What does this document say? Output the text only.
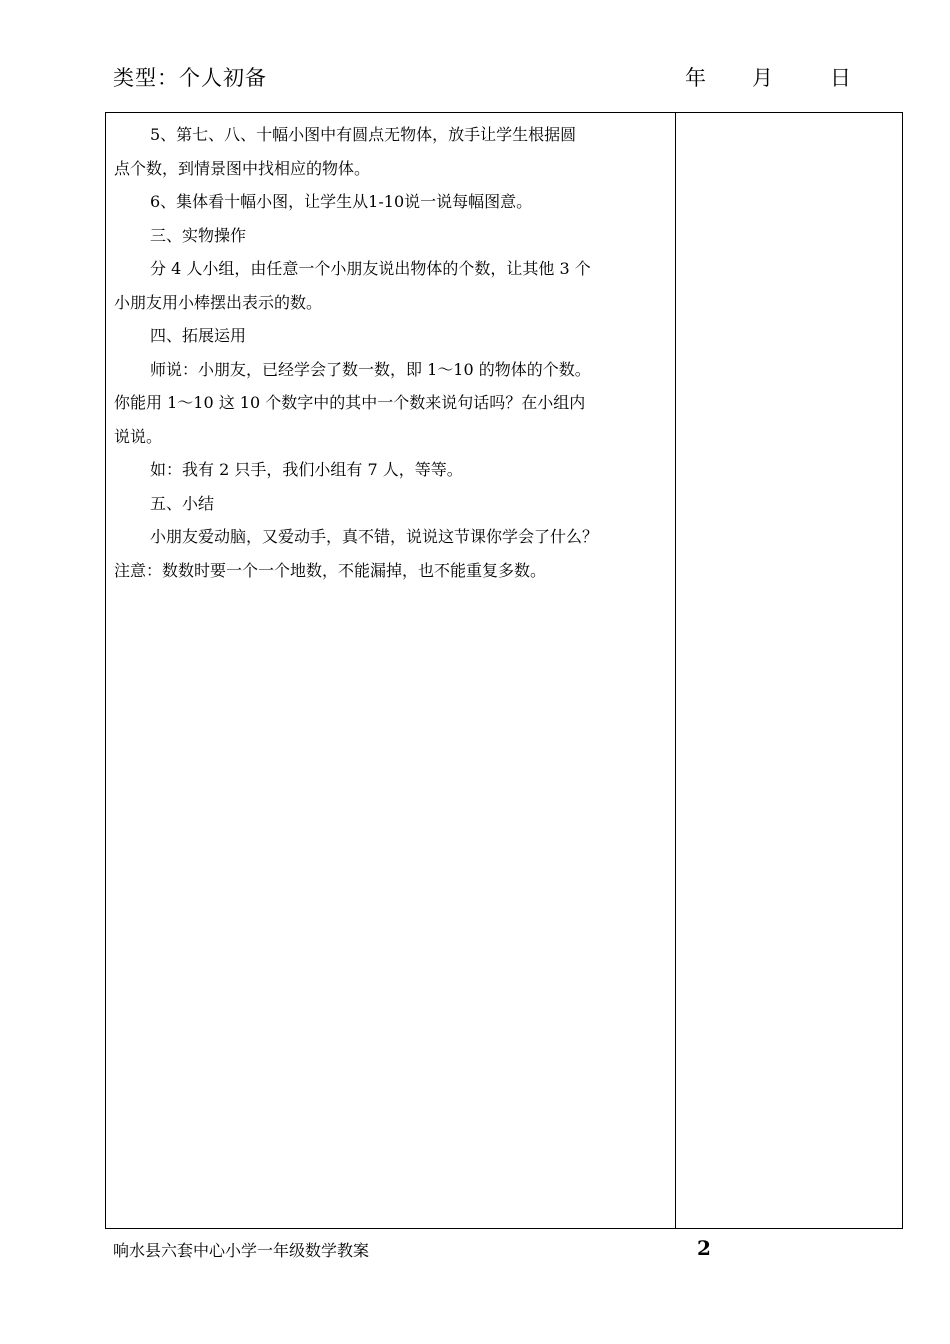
类型：个人初备	年 月	日

5、第七、八、十幅小图中有圆点无物体，放手让学生根据圆

点个数，到情景图中找相应的物体。

6、集体看十幅小图，让学生从1-10说一说每幅图意。

三、实物操作

分 4 人小组，由任意一个小朋友说出物体的个数，让其他 3 个

小朋友用小棒摆出表示的数。

四、拓展运用

师说：小朋友，已经学会了数一数，即 1～10 的物体的个数。

你能用 1～10 这 10 个数字中的其中一个数来说句话吗？在小组内

说说。

如：我有 2 只手，我们小组有 7 人，等等。

五、小结

小朋友爱动脑，又爱动手，真不错，说说这节课你学会了什么？

注意：数数时要一个一个地数，不能漏掉，也不能重复多数。

响水县六套中心小学一年级数学教案	2
